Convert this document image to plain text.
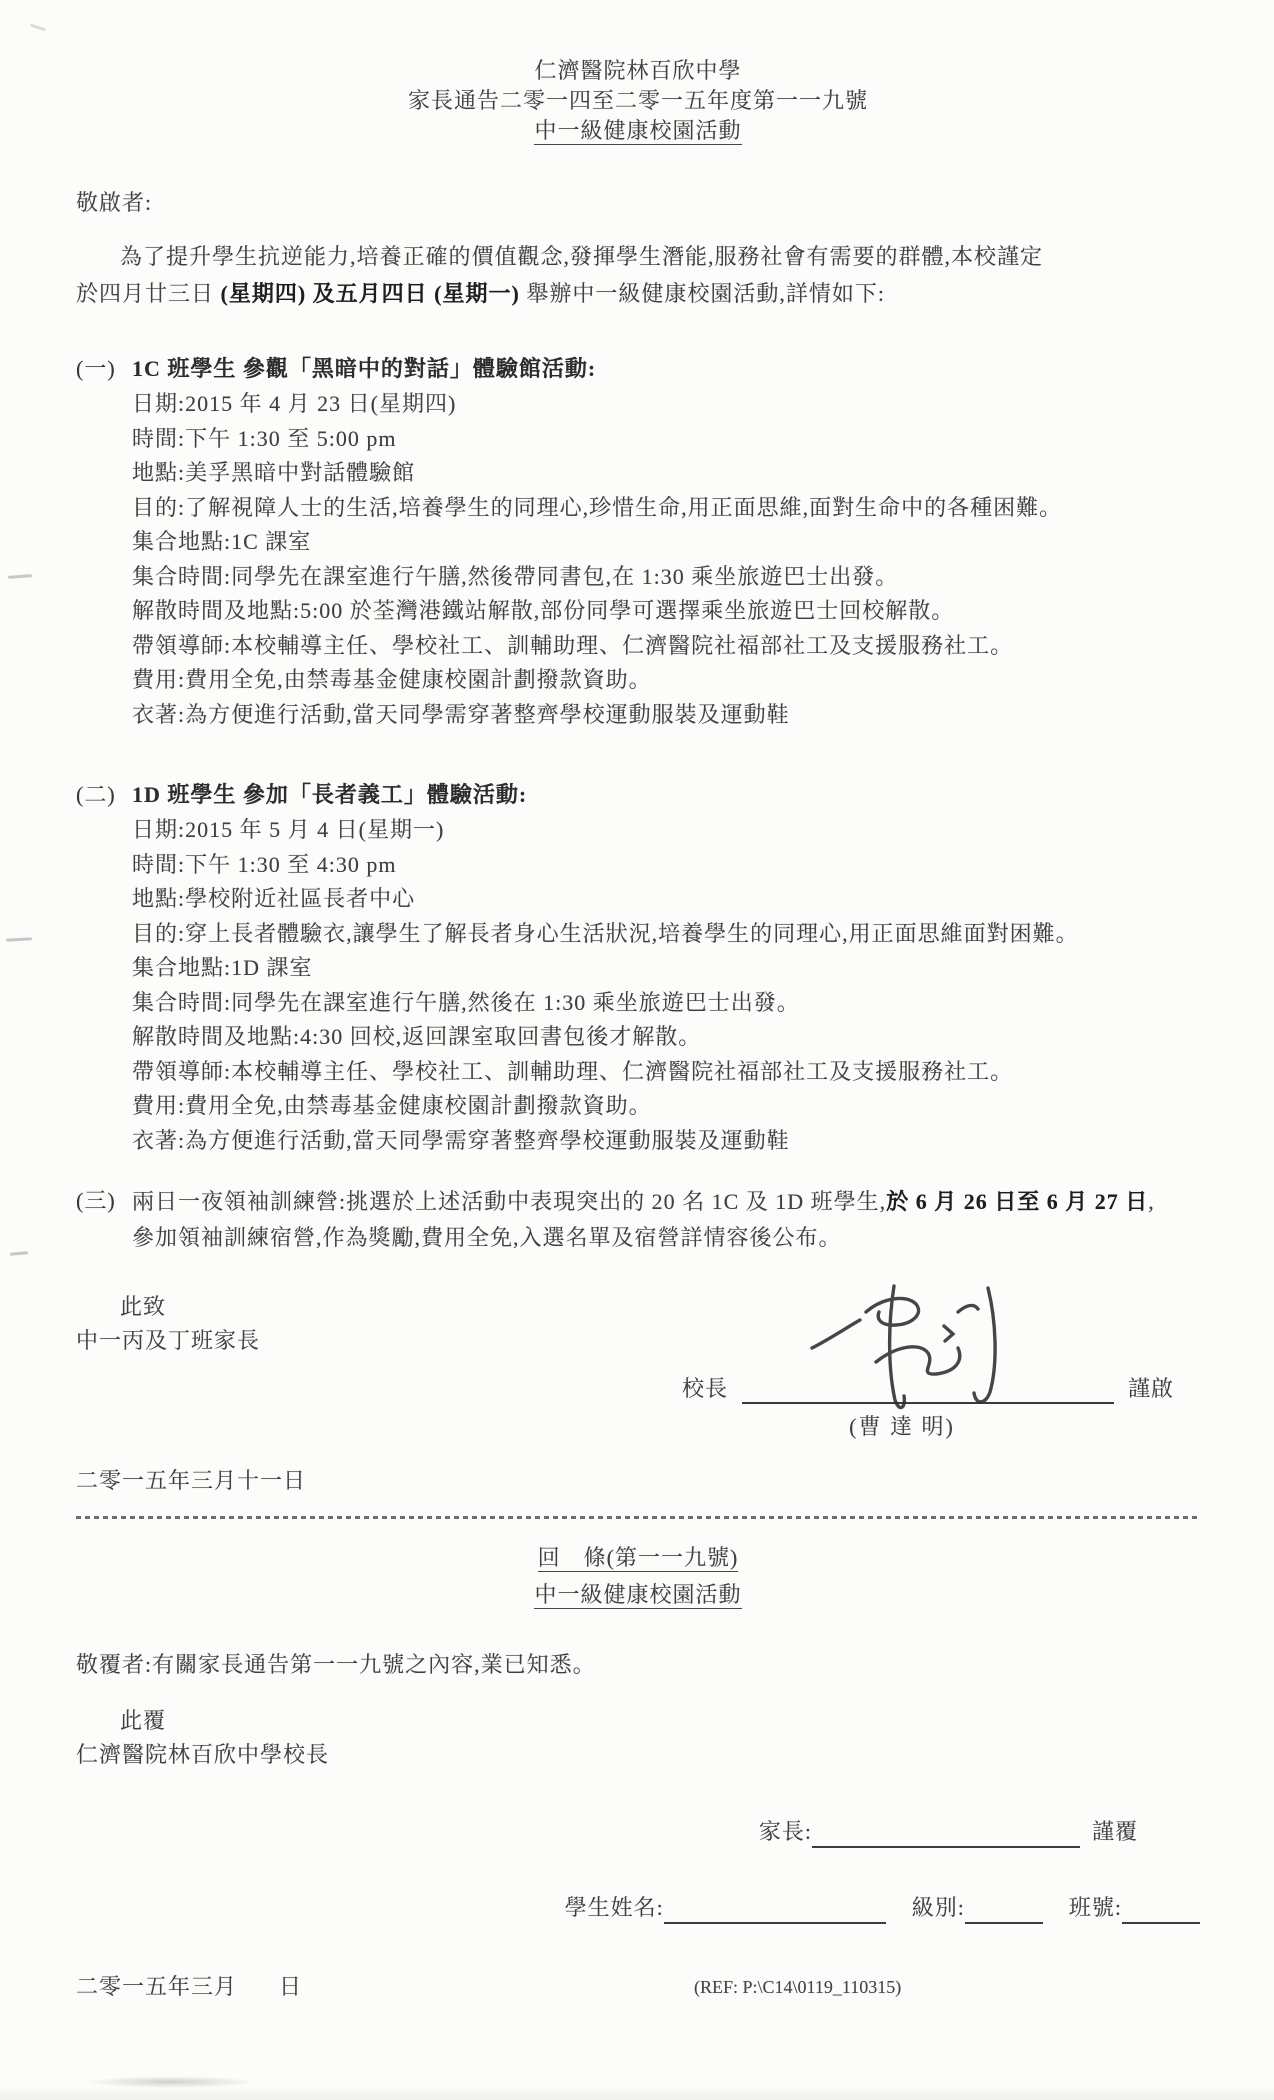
仁濟醫院林百欣中學
家長通告二零一四至二零一五年度第一一九號
中一級健康校園活動
敬啟者:
為了提升學生抗逆能力,培養正確的價值觀念,發揮學生潛能,服務社會有需要的群體,本校謹定
於四月廿三日 (星期四) 及五月四日 (星期一) 舉辦中一級健康校園活動,詳情如下:
(一) 1C 班學生 參觀「黑暗中的對話」體驗館活動:
日期:2015 年 4 月 23 日(星期四)
時間:下午 1:30 至 5:00 pm
地點:美孚黑暗中對話體驗館
目的:了解視障人士的生活,培養學生的同理心,珍惜生命,用正面思維,面對生命中的各種困難。
集合地點:1C 課室
集合時間:同學先在課室進行午膳,然後帶同書包,在 1:30 乘坐旅遊巴士出發。
解散時間及地點:5:00 於荃灣港鐵站解散,部份同學可選擇乘坐旅遊巴士回校解散。
帶領導師:本校輔導主任、學校社工、訓輔助理、仁濟醫院社福部社工及支援服務社工。
費用:費用全免,由禁毒基金健康校園計劃撥款資助。
衣著:為方便進行活動,當天同學需穿著整齊學校運動服裝及運動鞋
(二) 1D 班學生 參加「長者義工」體驗活動:
日期:2015 年 5 月 4 日(星期一)
時間:下午 1:30 至 4:30 pm
地點:學校附近社區長者中心
目的:穿上長者體驗衣,讓學生了解長者身心生活狀況,培養學生的同理心,用正面思維面對困難。
集合地點:1D 課室
集合時間:同學先在課室進行午膳,然後在 1:30 乘坐旅遊巴士出發。
解散時間及地點:4:30 回校,返回課室取回書包後才解散。
帶領導師:本校輔導主任、學校社工、訓輔助理、仁濟醫院社福部社工及支援服務社工。
費用:費用全免,由禁毒基金健康校園計劃撥款資助。
衣著:為方便進行活動,當天同學需穿著整齊學校運動服裝及運動鞋
(三) 兩日一夜領袖訓練營:挑選於上述活動中表現突出的 20 名 1C 及 1D 班學生,於 6 月 26 日至 6 月 27 日,參加領袖訓練宿營,作為獎勵,費用全免,入選名單及宿營詳情容後公布。
此致
中一丙及丁班家長
校長	謹啟
(曹 達 明)
二零一五年三月十一日
回　條(第一一九號)
中一級健康校園活動
敬覆者:有關家長通告第一一九號之內容,業已知悉。
此覆
仁濟醫院林百欣中學校長
家長:	謹覆
學生姓名:	級別:	班號:
二零一五年三月 日	(REF: P:\C14\0119_110315)
